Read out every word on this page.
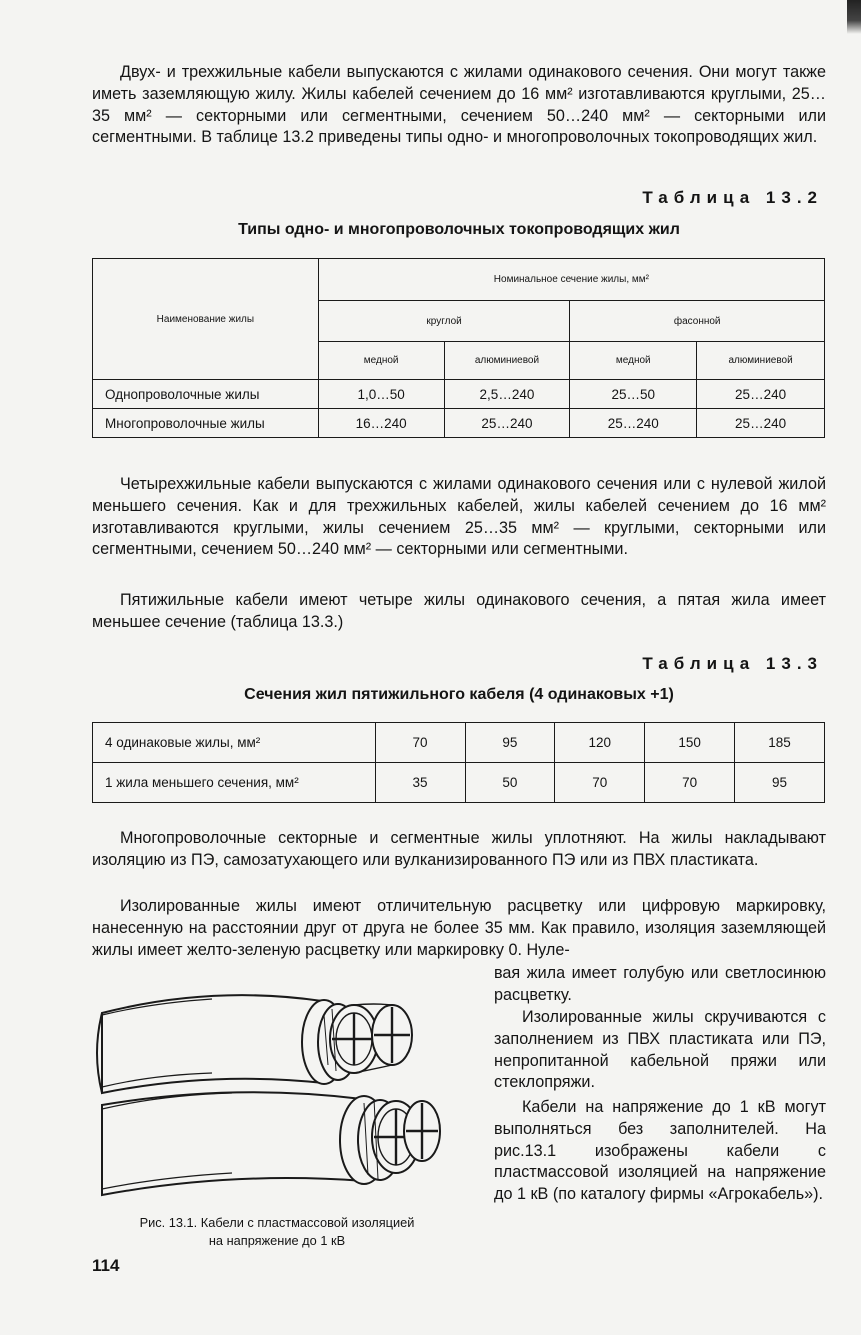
Двух- и трехжильные кабели выпускаются с жилами одинакового сечения. Они могут также иметь заземляющую жилу. Жилы кабелей сечением до 16 мм² изготавливаются круглыми, 25…35 мм² — секторными или сегментными, сечением 50…240 мм² — секторными или сегментными. В таблице 13.2 приведены типы одно- и многопроволочных токопроводящих жил.

Таблица 13.2

Типы одно- и многопроволочных токопроводящих жил

Наименование жилы	Номинальное сечение жилы, мм²			
	круглой		фасонной	
	медной	алюминиевой	медной	алюминиевой
Однопроволочные жилы	1,0…50	2,5…240	25…50	25…240
Многопроволочные жилы	16…240	25…240	25…240	25…240

Четырехжильные кабели выпускаются с жилами одинакового сечения или с нулевой жилой меньшего сечения. Как и для трехжильных кабелей, жилы кабелей сечением до 16 мм² изготавливаются круглыми, жилы сечением 25…35 мм² — круглыми, секторными или сегментными, сечением 50…240 мм² — секторными или сегментными.

Пятижильные кабели имеют четыре жилы одинакового сечения, а пятая жила имеет меньшее сечение (таблица 13.3.)

Таблица 13.3

Сечения жил пятижильного кабеля (4 одинаковых +1)

4 одинаковые жилы, мм²	70	95	120	150	185
1 жила меньшего сечения, мм²	35	50	70	70	95

Многопроволочные секторные и сегментные жилы уплотняют. На жилы накладывают изоляцию из ПЭ, самозатухающего или вулканизированного ПЭ или из ПВХ пластиката.

Изолированные жилы имеют отличительную расцветку или цифровую маркировку, нанесенную на расстоянии друг от друга не более 35 мм. Как правило, изоляция заземляющей жилы имеет желто-зеленую расцветку или маркировку 0. Нуле-

Рис. 13.1. Кабели с пластмассовой изоляцией
на напряжение до 1 кВ

вая жила имеет голубую или светлосинюю расцветку.

Изолированные жилы скручиваются с заполнением из ПВХ пластиката или ПЭ, непропитанной кабельной пряжи или стеклопряжи.

Кабели на напряжение до 1 кВ могут выполняться без заполнителей. На рис.13.1 изображены кабели с пластмассовой изоляцией на напряжение до 1 кВ (по каталогу фирмы «Агрокабель»).

114
